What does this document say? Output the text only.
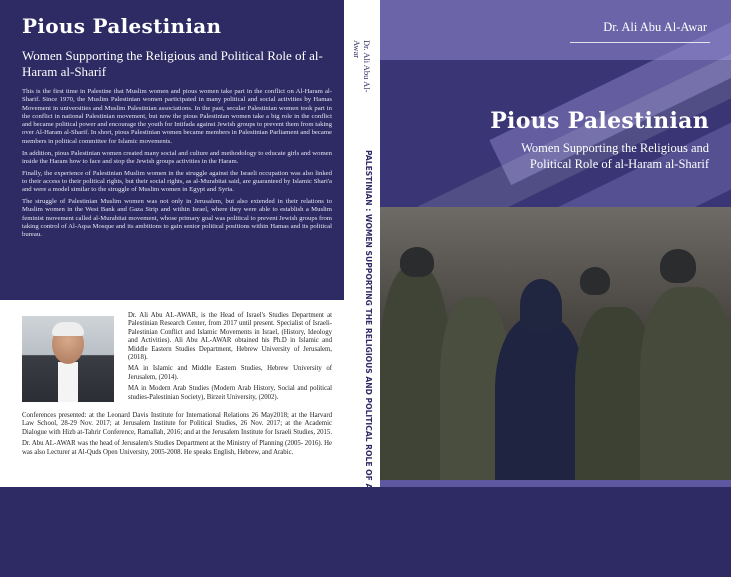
Pious Palestinian
Women Supporting the Religious and Political Role of al-Haram al-Sharif

This is the first time in Palestine that Muslim women and pious women take part in the conflict on Al-Haram al-Sharif. Since 1970, the Muslim Palestinian women participated in many political and social activities by Hamas Movement in universities and Muslim Palestinian associations. In the past, secular Palestinian women took part in the conflict in national Palestinian movement, but now the pious Palestinian women take a big role in the conflict and became political power and encourage the youth for Intifada against Jewish groups to prevent them from taking over Al-Haram al-Sharif. In short, pious Palestinian women became members in Palestinian Parliament and became members in political committee for Islamic movements.

In addition, pious Palestinian women created many social and culture and methodology to educate girls and women inside the Haram how to face and stop the Jewish groups activities in the Haram.

Finally, the experience of Palestinian Muslim women in the struggle against the Israeli occupation was also linked to their access to their political rights, but their social rights, as al-Murabitat said, are guaranteed by Islamic Shari'a and were a model similar to the struggle of Muslim women in Egypt and Syria.

The struggle of Palestinian Muslim women was not only in Jerusalem, but also extended in their relations to Muslim women in the West Bank and Gaza Strip and within Israel, where they were able to establish a Muslim feminist movement called al-Murabitat movement, whose primary goal was political to prevent Jewish groups from taking control of Al-Aqsa Mosque and its ambitions to gain senior political positions within Hamas and its political bureau.

Dr. Ali Abu AL-AWAR, is the Head of Israel's Studies Department at Palestinian Research Center, from 2017 until present. Specialist of Israeli-Palestinian Conflict and Islamic Movements in Israel, (History, Ideology and Activities). Ali Abu AL-AWAR obtained his Ph.D in Islamic and Middle Eastern Studies Department, Hebrew University of Jerusalem, (2018).

MA in Islamic and Middle Eastern Studies, Hebrew University of Jerusalem, (2014).

MA in Modern Arab Studies (Modern Arab History, Social and political studies-Palestinian Society), Birzeit University, (2002).

Conferences presented: at the Leonard Davis Institute for International Relations 26 May2018; at the Harvard Law School, 28-29 Nov. 2017; at Jerusalem Institute for Political Studies, 26 Nov. 2017; at the Academic Dialogue with Hizb at-Tahrir Conference, Ramallah, 2016; and at the Jerusalem Institute for Israeli Studies, 2015.

Dr. Abu AL-AWAR was the head of Jerusalem's Studies Department at the Ministry of Planning (2005- 2016). He was also Lecturer at Al-Quds Open University, 2005-2008. He speaks English, Hebrew, and Arabic.

Dr. Ali Abu Al-Awar
PALESTINIAN : WOMEN SUPPORTING THE RELIGIOUS AND POLITICAL ROLE OF AL-HARAM AL-SHARIF
Dr. Ali Abu Al-Awar
Pious Palestinian
Women Supporting the Religious and Political Role of al-Haram al-Sharif
